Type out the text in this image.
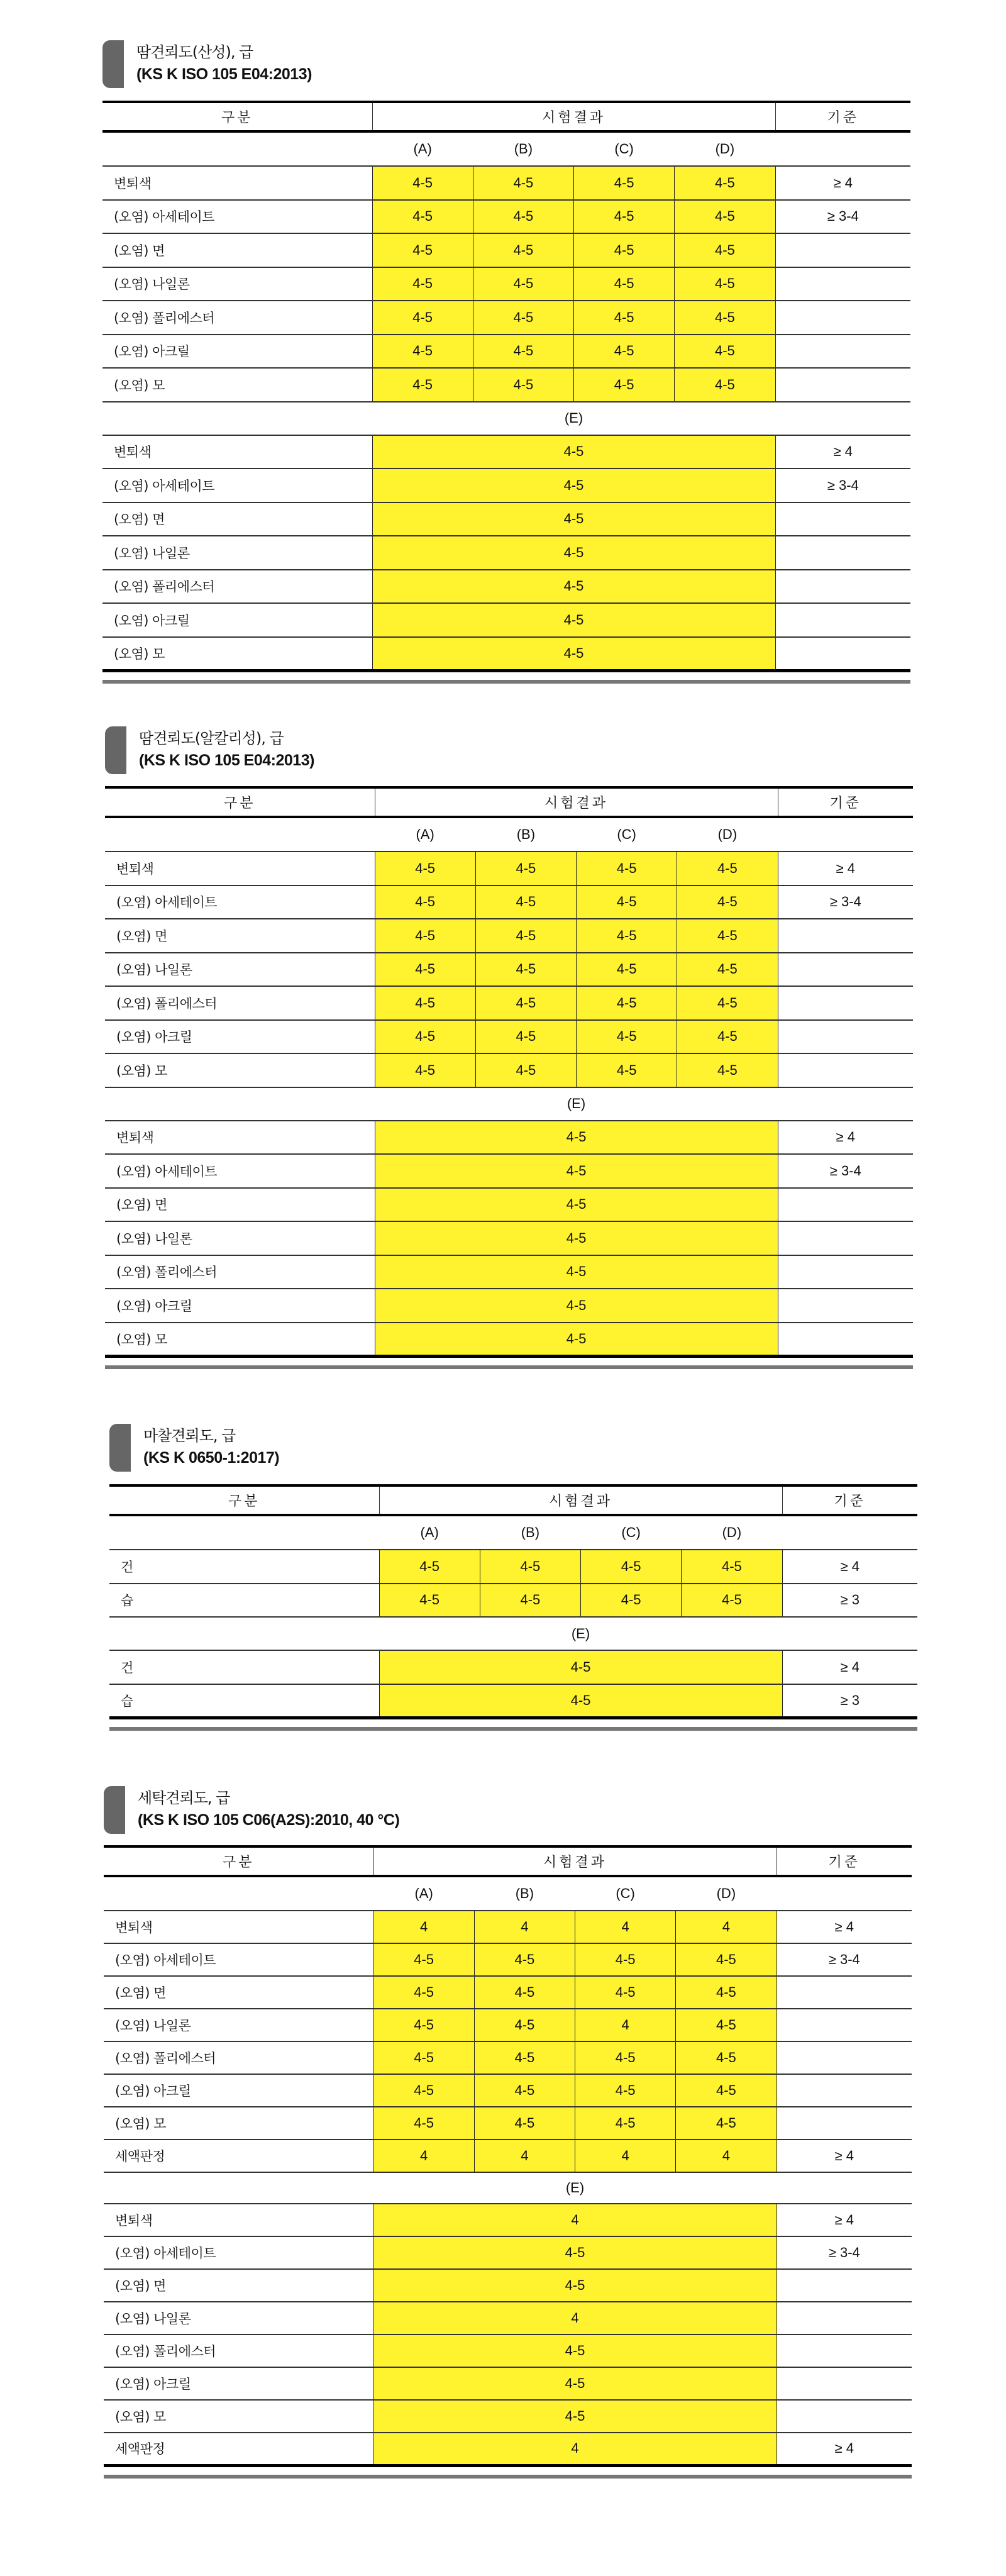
땀견뢰도(산성), 급
(KS K ISO 105 E04:2013)
구분	시험결과				기준
	(A)	(B)	(C)	(D)	
변퇴색	4-5	4-5	4-5	4-5	≥ 4
(오염) 아세테이트	4-5	4-5	4-5	4-5	≥ 3-4
(오염) 면	4-5	4-5	4-5	4-5	
(오염) 나일론	4-5	4-5	4-5	4-5	
(오염) 폴리에스터	4-5	4-5	4-5	4-5	
(오염) 아크릴	4-5	4-5	4-5	4-5	
(오염) 모	4-5	4-5	4-5	4-5	
	(E)				
변퇴색	4-5				≥ 4
(오염) 아세테이트	4-5				≥ 3-4
(오염) 면	4-5				
(오염) 나일론	4-5				
(오염) 폴리에스터	4-5				
(오염) 아크릴	4-5				
(오염) 모	4-5				
땀견뢰도(알칼리성), 급
(KS K ISO 105 E04:2013)
구분	시험결과				기준
	(A)	(B)	(C)	(D)	
변퇴색	4-5	4-5	4-5	4-5	≥ 4
(오염) 아세테이트	4-5	4-5	4-5	4-5	≥ 3-4
(오염) 면	4-5	4-5	4-5	4-5	
(오염) 나일론	4-5	4-5	4-5	4-5	
(오염) 폴리에스터	4-5	4-5	4-5	4-5	
(오염) 아크릴	4-5	4-5	4-5	4-5	
(오염) 모	4-5	4-5	4-5	4-5	
	(E)				
변퇴색	4-5				≥ 4
(오염) 아세테이트	4-5				≥ 3-4
(오염) 면	4-5				
(오염) 나일론	4-5				
(오염) 폴리에스터	4-5				
(오염) 아크릴	4-5				
(오염) 모	4-5				
마찰견뢰도, 급
(KS K 0650-1:2017)
구분	시험결과				기준
	(A)	(B)	(C)	(D)	
건	4-5	4-5	4-5	4-5	≥ 4
습	4-5	4-5	4-5	4-5	≥ 3
	(E)				
건	4-5				≥ 4
습	4-5				≥ 3
세탁견뢰도, 급
(KS K ISO 105 C06(A2S):2010, 40 °C)
구분	시험결과				기준
	(A)	(B)	(C)	(D)	
변퇴색	4	4	4	4	≥ 4
(오염) 아세테이트	4-5	4-5	4-5	4-5	≥ 3-4
(오염) 면	4-5	4-5	4-5	4-5	
(오염) 나일론	4-5	4-5	4	4-5	
(오염) 폴리에스터	4-5	4-5	4-5	4-5	
(오염) 아크릴	4-5	4-5	4-5	4-5	
(오염) 모	4-5	4-5	4-5	4-5	
세액판정	4	4	4	4	≥ 4
	(E)				
변퇴색	4				≥ 4
(오염) 아세테이트	4-5				≥ 3-4
(오염) 면	4-5				
(오염) 나일론	4				
(오염) 폴리에스터	4-5				
(오염) 아크릴	4-5				
(오염) 모	4-5				
세액판정	4				≥ 4
